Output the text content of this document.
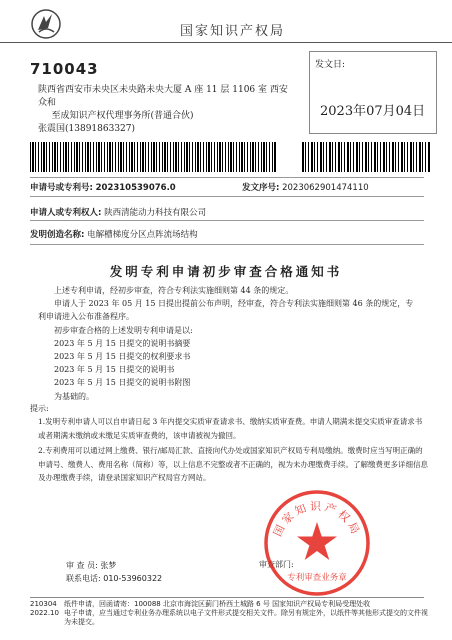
国家知识产权局
710043
陕西省西安市未央区未央路未央大厦 A 座 11 层 1106 室 西安众和
至成知识产权代理事务所(普通合伙)
张震国(13891863327)
发文日:
2023年07月04日
申请号或专利号: 202310539076.0	发文序号: 2023062901474110
申请人或专利权人: 陕西清能动力科技有限公司
发明创造名称: 电解槽梯度分区点阵流场结构
发明专利申请初步审查合格通知书

上述专利申请，经初步审查，符合专利法实施细则第 44 条的规定。

申请人于 2023 年 05 月 15 日提出提前公布声明，经审查，符合专利法实施细则第 46 条的规定，专利申请进入公布准备程序。

初步审查合格的上述发明专利申请是以:

2023 年 5 月 15 日提交的说明书摘要

2023 年 5 月 15 日提交的权利要求书

2023 年 5 月 15 日提交的说明书

2023 年 5 月 15 日提交的说明书附图

为基础的。

提示:

1.发明专利申请人可以自申请日起 3 年内提交实质审查请求书、缴纳实质审查费。申请人期满未提交实质审查请求书或者期满未缴纳或未缴足实质审查费的，该申请被视为撤回。

2.专利费用可以通过网上缴费、银行/邮局汇款、直接向代办处或国家知识产权局专利局缴纳。缴费时应当写明正确的申请号、缴费人、费用名称（简称）等，以上信息不完整或者不正确的，视为未办理缴费手续。了解缴费更多详细信息及办理缴费手续，请登录国家知识产权局官方网站。

审 查 员: 张梦
联系电话: 010-53960322
审查部门:
国家知识产权局
专利审查业务章
210304
2022.10
纸件申请，回函请寄：100088 北京市海淀区蓟门桥西土城路 6 号 国家知识产权局专利局受理处收
电子申请，应当通过专利业务办理系统以电子文件形式提交相关文件。除另有规定外，以纸件等其他形式提交的文件视为未提交。
